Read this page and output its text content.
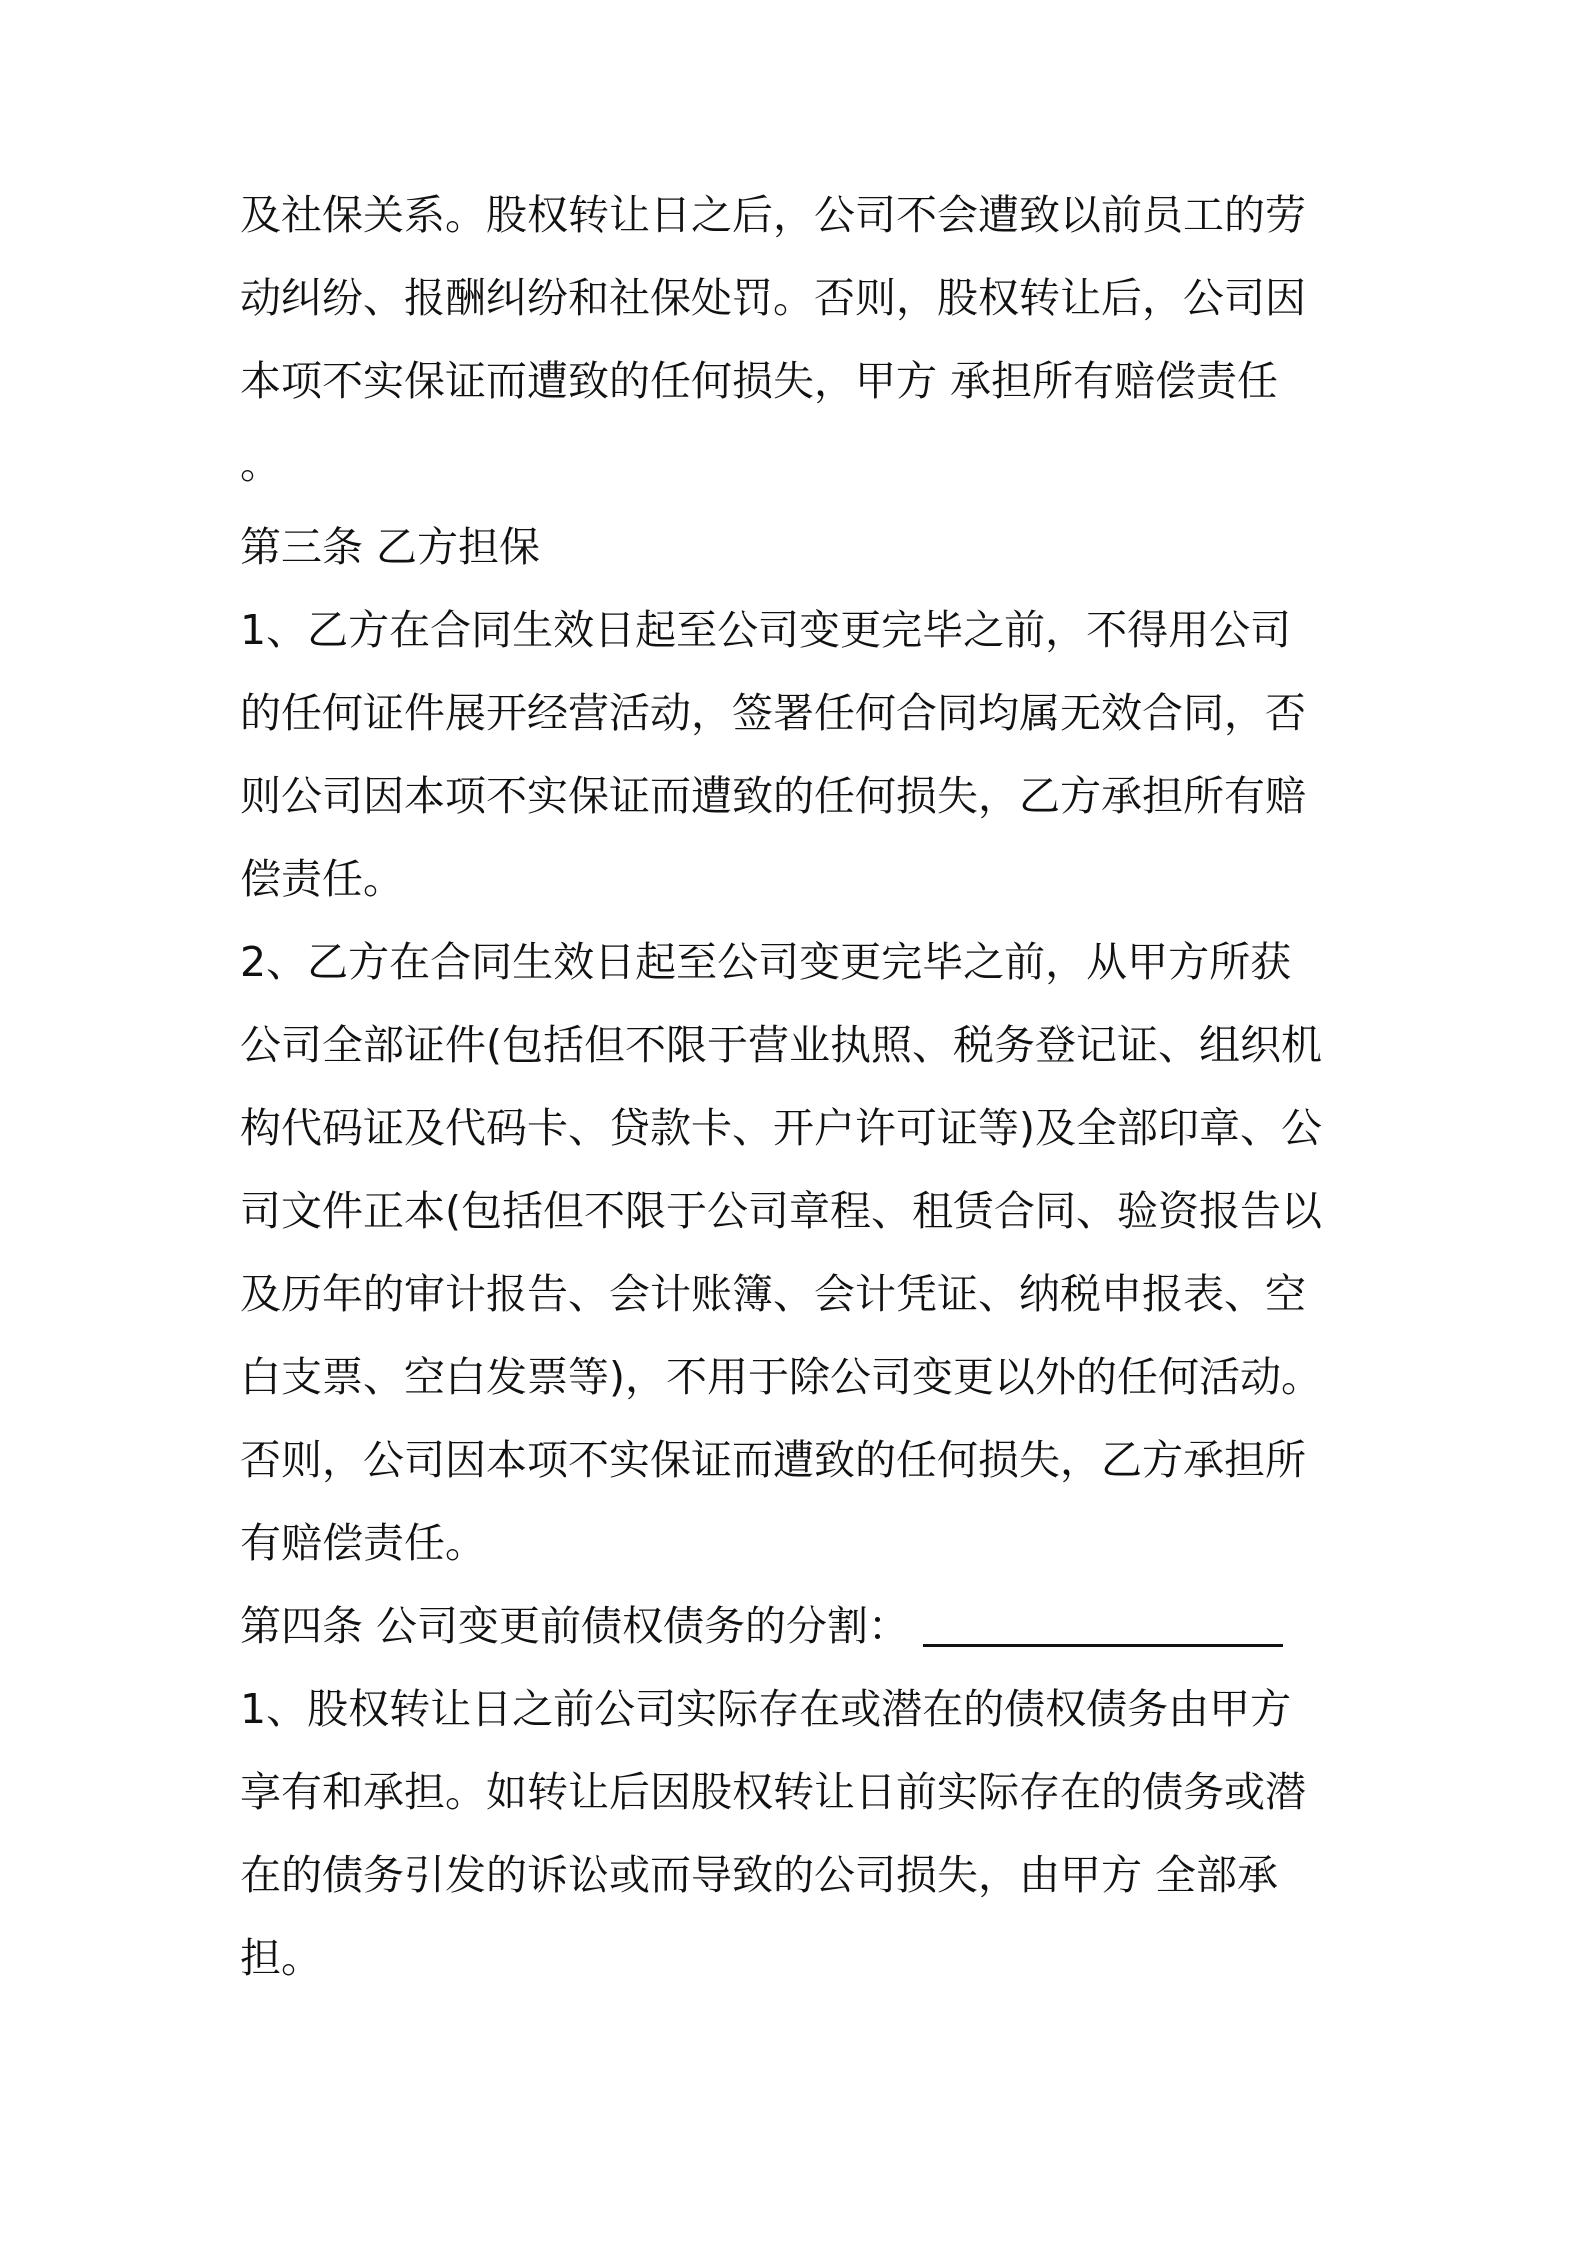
及社保关系。股权转让日之后，公司不会遭致以前员工的劳
动纠纷、报酬纠纷和社保处罚。否则，股权转让后，公司因
本项不实保证而遭致的任何损失，甲方 承担所有赔偿责任
。
第三条 乙方担保
1、乙方在合同生效日起至公司变更完毕之前，不得用公司
的任何证件展开经营活动，签署任何合同均属无效合同，否
则公司因本项不实保证而遭致的任何损失，乙方承担所有赔
偿责任。
2、乙方在合同生效日起至公司变更完毕之前，从甲方所获
公司全部证件(包括但不限于营业执照、税务登记证、组织机
构代码证及代码卡、贷款卡、开户许可证等)及全部印章、公
司文件正本(包括但不限于公司章程、租赁合同、验资报告以
及历年的审计报告、会计账簿、会计凭证、纳税申报表、空
白支票、空白发票等)，不用于除公司变更以外的任何活动。
否则，公司因本项不实保证而遭致的任何损失，乙方承担所
有赔偿责任。
第四条 公司变更前债权债务的分割：
1、股权转让日之前公司实际存在或潜在的债权债务由甲方
享有和承担。如转让后因股权转让日前实际存在的债务或潜
在的债务引发的诉讼或而导致的公司损失，由甲方 全部承
担。
